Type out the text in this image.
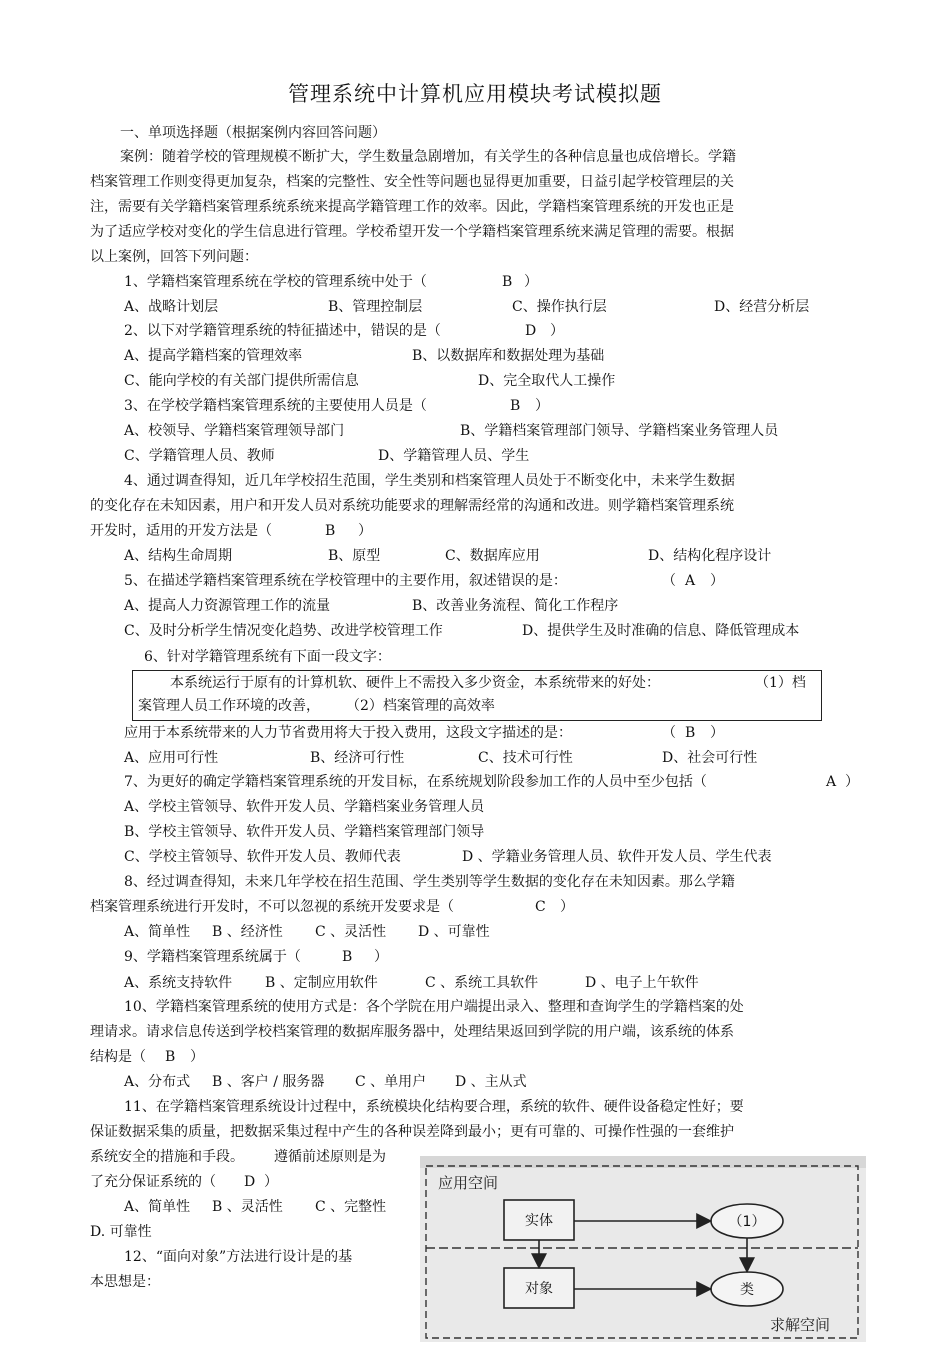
管理系统中计算机应用模块考试模拟题
一、单项选择题（根据案例内容回答问题）
案例：随着学校的管理规模不断扩大，学生数量急剧增加，有关学生的各种信息量也成倍增长。学籍
档案管理工作则变得更加复杂，档案的完整性、安全性等问题也显得更加重要，日益引起学校管理层的关
注，需要有关学籍档案管理系统系统来提高学籍管理工作的效率。因此，学籍档案管理系统的开发也正是
为了适应学校对变化的学生信息进行管理。学校希望开发一个学籍档案管理系统来满足管理的需要。根据
以上案例，回答下列问题：
1、学籍档案管理系统在学校的管理系统中处于（	B ）
A、战略计划层	B、管理控制层	C、操作执行层	D、经营分析层
2、以下对学籍管理系统的特征描述中，错误的是（	D ）
A、提高学籍档案的管理效率	B、以数据库和数据处理为基础
C、能向学校的有关部门提供所需信息	D、完全取代人工操作
3、在学校学籍档案管理系统的主要使用人员是（	B ）
A、校领导、学籍档案管理领导部门	B、学籍档案管理部门领导、学籍档案业务管理人员
C、学籍管理人员、教师	D、学籍管理人员、学生
4、通过调查得知，近几年学校招生范围，学生类别和档案管理人员处于不断变化中，未来学生数据
的变化存在未知因素，用户和开发人员对系统功能要求的理解需经常的沟通和改进。则学籍档案管理系统
开发时，适用的开发方法是（	B ）
A、结构生命周期	B、原型	C、数据库应用	D、结构化程序设计
5、在描述学籍档案管理系统在学校管理中的主要作用，叙述错误的是：	（ A ）
A、提高人力资源管理工作的流量	B、改善业务流程、简化工作程序
C、及时分析学生情况变化趋势、改进学校管理工作	D、提供学生及时准确的信息、降低管理成本
6、针对学籍管理系统有下面一段文字：
本系统运行于原有的计算机软、硬件上不需投入多少资金，本系统带来的好处：	（1）档
案管理人员工作环境的改善， （2）档案管理的高效率
应用于本系统带来的人力节省费用将大于投入费用，这段文字描述的是：	（ B ）
A、应用可行性	B、经济可行性	C、技术可行性	D、社会可行性
7、为更好的确定学籍档案管理系统的开发目标，在系统规划阶段参加工作的人员中至少包括（	A ）
A、学校主管领导、软件开发人员、学籍档案业务管理人员
B、学校主管领导、软件开发人员、学籍档案管理部门领导
C、学校主管领导、软件开发人员、教师代表	D 、学籍业务管理人员、软件开发人员、学生代表
8、经过调查得知，未来几年学校在招生范围、学生类别等学生数据的变化存在未知因素。那么学籍
档案管理系统进行开发时，不可以忽视的系统开发要求是（	C ）
A、简单性 B 、经济性 C 、灵活性 D 、可靠性
9、学籍档案管理系统属于（	B ）
A、系统支持软件 B 、定制应用软件	C 、系统工具软件	D 、电子上午软件
10、学籍档案管理系统的使用方式是：各个学院在用户端提出录入、整理和查询学生的学籍档案的处
理请求。请求信息传送到学校档案管理的数据库服务器中，处理结果返回到学院的用户端，该系统的体系
结构是（ B ）
A、分布式 B 、客户 / 服务器 C 、单用户 D 、主从式
11、在学籍档案管理系统设计过程中，系统模块化结构要合理，系统的软件、硬件设备稳定性好；要
保证数据采集的质量，把数据采集过程中产生的各种误差降到最小；更有可靠的、可操作性强的一套维护
系统安全的措施和手段。 遵循前述原则是为
了充分保证系统的（ D ）
A、简单性 B 、灵活性 C 、完整性
D. 可靠性
12、“面向对象”方法进行设计是的基
本思想是：
应用空间
求解空间
实体	（1）
对象	类
